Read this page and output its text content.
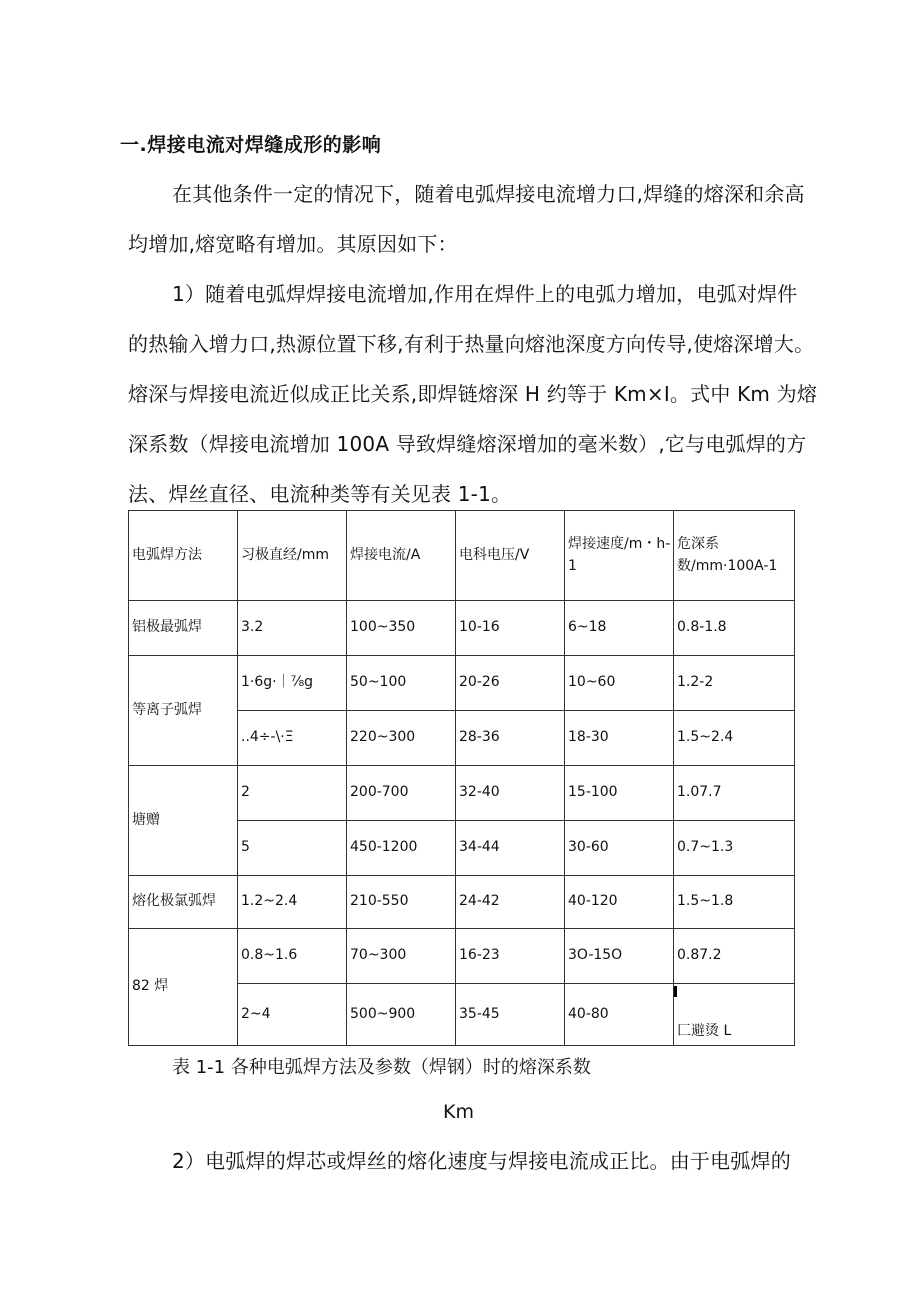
一.焊接电流对焊缝成形的影响
在其他条件一定的情况下，随着电弧焊接电流增力口,焊缝的熔深和余高
均增加,熔宽略有增加。其原因如下：
1）随着电弧焊焊接电流增加,作用在焊件上的电弧力增加，电弧对焊件
的热输入增力口,热源位置下移,有利于热量向熔池深度方向传导,使熔深增大。
熔深与焊接电流近似成正比关系,即焊链熔深 H 约等于 Km×I。式中 Km 为熔
深系数（焊接电流增加 100A 导致焊缝熔深增加的毫米数）,它与电弧焊的方
法、焊丝直径、电流种类等有关见表 1-1。
电弧焊方法	习极直经/mm	焊接电流/A	电科电压/V	焊接速度/m・h-1	危深系数/mm·100A-1
铝极最弧焊	3.2	100~350	10-16	6~18	0.8-1.8
等离子弧焊	1·6g·｜⅞g	50~100	20-26	10~60	1.2-2
	..4÷-\·Ξ	220~300	28-36	18-30	1.5~2.4
塘赠	2	200-700	32-40	15-100	1.07.7
	5	450-1200	34-44	30-60	0.7~1.3
熔化极氯弧焊	1.2~2.4	210-550	24-42	40-120	1.5~1.8
82 焊	0.8~1.6	70~300	16-23	3O-15O	0.87.2
	2~4	500~900	35-45	40-80	匚避烫 L
表 1-1 各种电弧焊方法及参数（焊钢）时的熔深系数
Km
2）电弧焊的焊芯或焊丝的熔化速度与焊接电流成正比。由于电弧焊的
